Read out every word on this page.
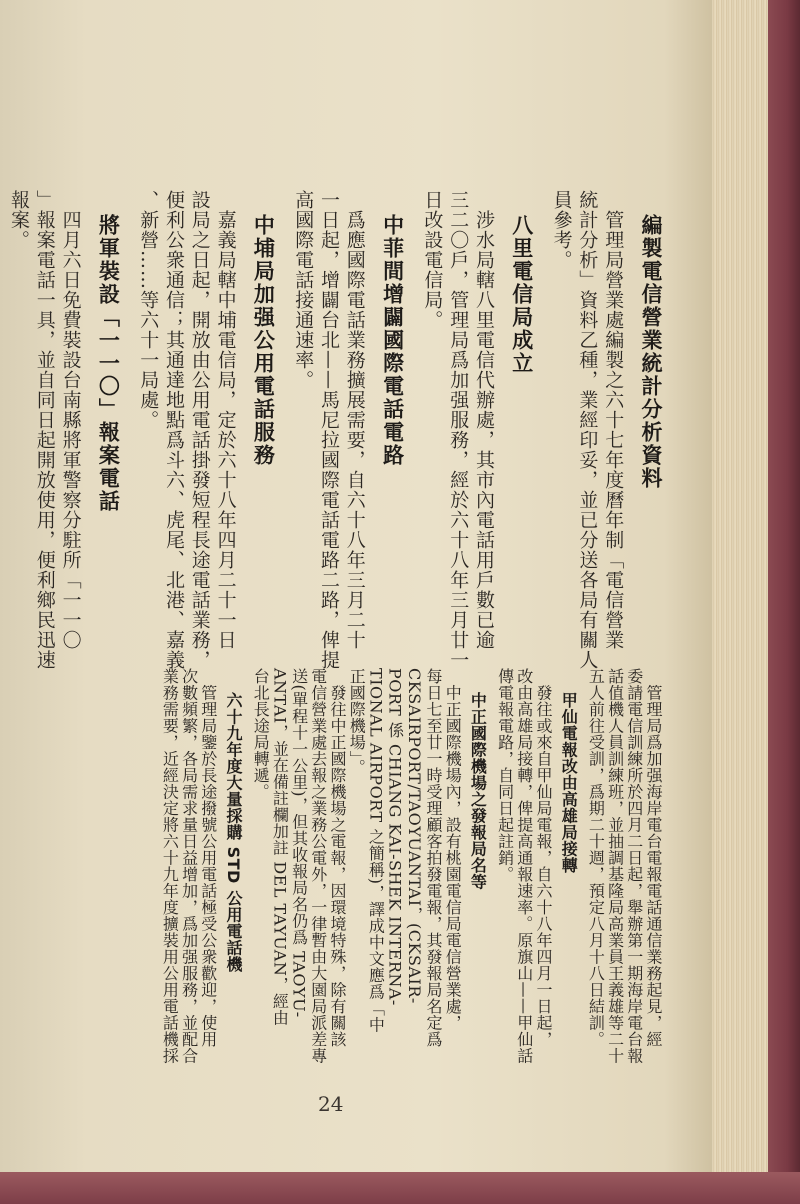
編製電信營業統計分析資料
　管理局營業處編製之六十七年度曆年制「電信營業
統計分析」資料乙種，業經印妥，並已分送各局有關人
員參考。
八里電信局成立
　涉水局轄八里電信代辦處，其市內電話用戶數已逾
三二〇戶，管理局爲加强服務，經於六十八年三月廿一
日改設電信局。
中菲間增闢國際電話電路
　爲應國際電話業務擴展需要，自六十八年三月二十
一日起，增闢台北——馬尼拉國際電話電路二路，俾提
高國際電話接通速率。
中埔局加强公用電話服務
　嘉義局轄中埔電信局，定於六十八年四月二十一日
設局之日起，開放由公用電話掛發短程長途電話業務，
便利公衆通信；其通達地點爲斗六、虎尾、北港、嘉義
、新營……等六十一局處。
將軍裝設「一一〇」報案電話
　四月六日免費裝設台南縣將軍警察分駐所「一一〇
」報案電話一具，並自同日起開放使用，便利鄉民迅速
報案。
　管理局爲加强海岸電台電報電話通信業務起見，經
委請電信訓練所於四月二日起，舉辦第一期海岸電台報
話值機人員訓練班，並抽調基隆局高業員王義雄等二十
五人前往受訓，爲期二十週，預定八月十八日結訓。
甲仙電報改由高雄局接轉
　發往或來自甲仙局電報，自六十八年四月一日起，
改由高雄局接轉，俾提高通報速率。原旗山——甲仙話
傳電報電路，自同日起註銷。
中正國際機場之發報局名等
　中正國際機場內，設有桃園電信局電信營業處，
每日七至廿一時受理顧客拍發電報，其發報局名定爲
CKSAIRPORT/TAOYUANTAI，(CKSAIR-
PORT 係 CHIANG KAI-SHEK INTERNA-
TIONAL AIRPORT 之簡稱)，譯成中文應爲「中
正國際機場」。
　發往中正國際機場之電報，因環境特殊，除有關該
電信營業處去報之業務公電外，一律暫由大園局派差專
送(單程十一公里)，但其收報局名仍爲 TAOYU-
ANTAI，並在備註欄加註 DEL TAYUAN，經由
台北長途局轉遞。
六十九年度大量採購 STD 公用電話機
　管理局鑒於長途撥號公用電話極受公衆歡迎，使用
次數頻繁，各局需求量日益增加，爲加强服務，並配合
業務需要，近經決定將六十九年度擴裝用公用電話機採
24
